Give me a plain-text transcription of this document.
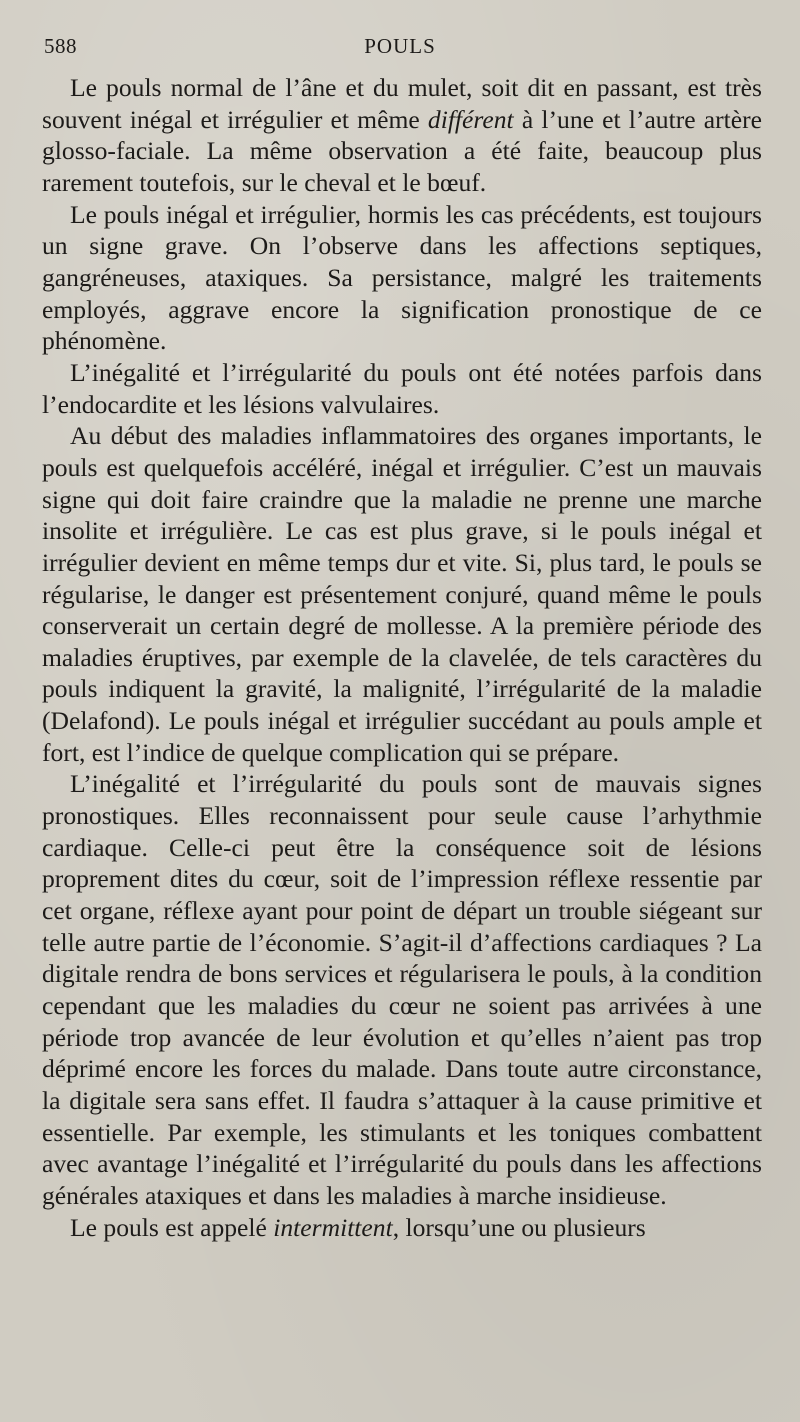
588	POULS

Le pouls normal de l’âne et du mulet, soit dit en passant, est très souvent inégal et irrégulier et même différent à l’une et l’autre artère glosso-faciale. La même observation a été faite, beaucoup plus rarement toutefois, sur le cheval et le bœuf.

Le pouls inégal et irrégulier, hormis les cas précédents, est toujours un signe grave. On l’observe dans les affections septiques, gangréneuses, ataxiques. Sa persistance, malgré les traitements employés, aggrave encore la signification pronostique de ce phénomène.

L’inégalité et l’irrégularité du pouls ont été notées parfois dans l’endocardite et les lésions valvulaires.

Au début des maladies inflammatoires des organes importants, le pouls est quelquefois accéléré, inégal et irrégulier. C’est un mauvais signe qui doit faire craindre que la maladie ne prenne une marche insolite et irrégulière. Le cas est plus grave, si le pouls inégal et irrégulier devient en même temps dur et vite. Si, plus tard, le pouls se régularise, le danger est présentement conjuré, quand même le pouls conserverait un certain degré de mollesse. A la première période des maladies éruptives, par exemple de la clavelée, de tels caractères du pouls indiquent la gravité, la malignité, l’irrégularité de la maladie (Delafond). Le pouls inégal et irrégulier succédant au pouls ample et fort, est l’indice de quelque complication qui se prépare.

L’inégalité et l’irrégularité du pouls sont de mauvais signes pronostiques. Elles reconnaissent pour seule cause l’arhythmie cardiaque. Celle-ci peut être la conséquence soit de lésions proprement dites du cœur, soit de l’impression réflexe ressentie par cet organe, réflexe ayant pour point de départ un trouble siégeant sur telle autre partie de l’économie. S’agit-il d’affections cardiaques ? La digitale rendra de bons services et régularisera le pouls, à la condition cependant que les maladies du cœur ne soient pas arrivées à une période trop avancée de leur évolution et qu’elles n’aient pas trop déprimé encore les forces du malade. Dans toute autre circonstance, la digitale sera sans effet. Il faudra s’attaquer à la cause primitive et essentielle. Par exemple, les stimulants et les toniques combattent avec avantage l’inégalité et l’irrégularité du pouls dans les affections générales ataxiques et dans les maladies à marche insidieuse.

Le pouls est appelé intermittent, lorsqu’une ou plusieurs
